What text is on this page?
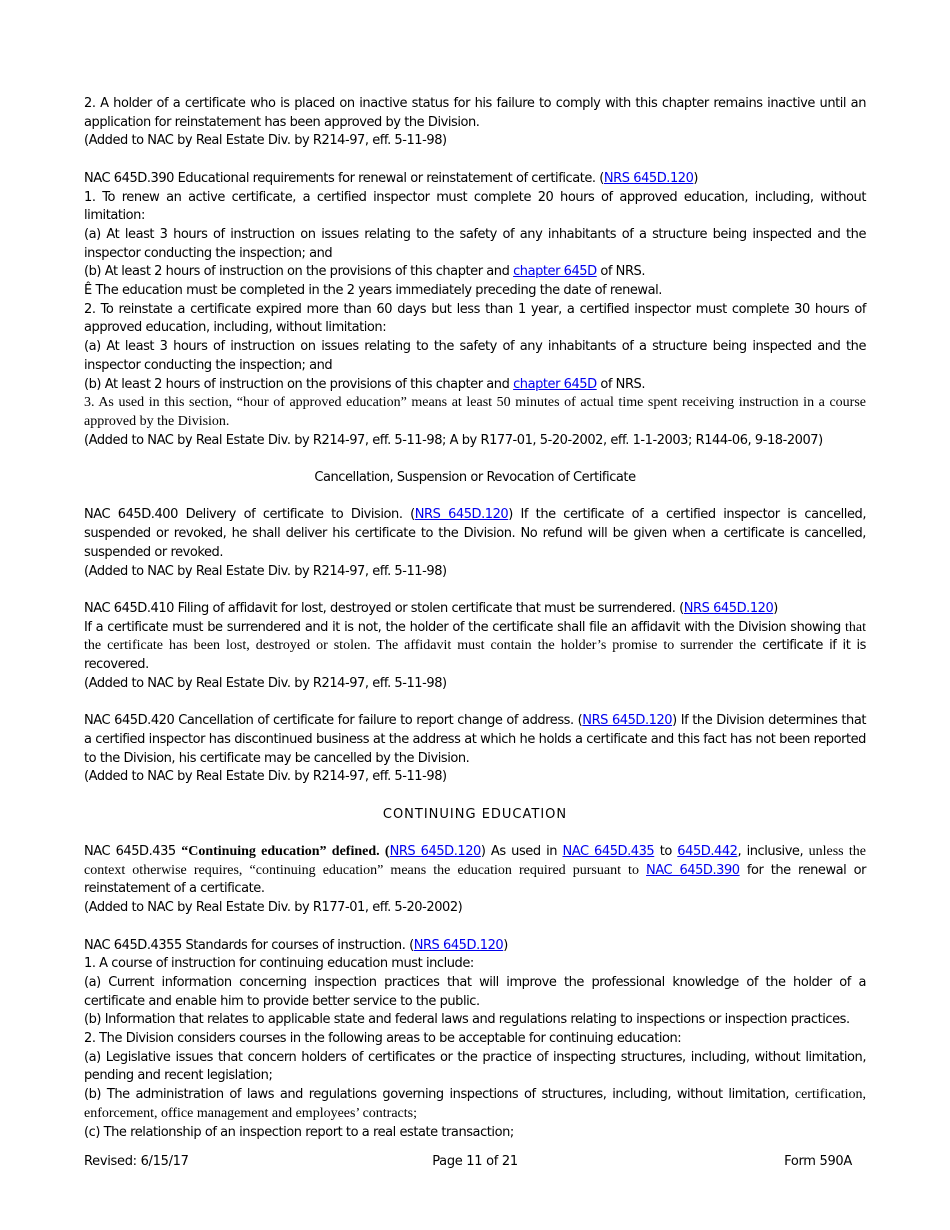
2. A holder of a certificate who is placed on inactive status for his failure to comply with this chapter remains inactive until an application for reinstatement has been approved by the Division.

(Added to NAC by Real Estate Div. by R214-97, eff. 5-11-98)

NAC 645D.390 Educational requirements for renewal or reinstatement of certificate. (NRS 645D.120)

1. To renew an active certificate, a certified inspector must complete 20 hours of approved education, including, without limitation:

(a) At least 3 hours of instruction on issues relating to the safety of any inhabitants of a structure being inspected and the inspector conducting the inspection; and

(b) At least 2 hours of instruction on the provisions of this chapter and chapter 645D of NRS.

Ê The education must be completed in the 2 years immediately preceding the date of renewal.

2. To reinstate a certificate expired more than 60 days but less than 1 year, a certified inspector must complete 30 hours of approved education, including, without limitation:

(a) At least 3 hours of instruction on issues relating to the safety of any inhabitants of a structure being inspected and the inspector conducting the inspection; and

(b) At least 2 hours of instruction on the provisions of this chapter and chapter 645D of NRS.

3. As used in this section, “hour of approved education” means at least 50 minutes of actual time spent receiving instruction in a course approved by the Division.

(Added to NAC by Real Estate Div. by R214-97, eff. 5-11-98; A by R177-01, 5-20-2002, eff. 1-1-2003; R144-06, 9-18-2007)

Cancellation, Suspension or Revocation of Certificate

NAC 645D.400 Delivery of certificate to Division. (NRS 645D.120) If the certificate of a certified inspector is cancelled, suspended or revoked, he shall deliver his certificate to the Division. No refund will be given when a certificate is cancelled, suspended or revoked.

(Added to NAC by Real Estate Div. by R214-97, eff. 5-11-98)

NAC 645D.410 Filing of affidavit for lost, destroyed or stolen certificate that must be surrendered. (NRS 645D.120)

If a certificate must be surrendered and it is not, the holder of the certificate shall file an affidavit with the Division showing that the certificate has been lost, destroyed or stolen. The affidavit must contain the holder’s promise to surrender the certificate if it is recovered.

(Added to NAC by Real Estate Div. by R214-97, eff. 5-11-98)

NAC 645D.420 Cancellation of certificate for failure to report change of address. (NRS 645D.120) If the Division determines that a certified inspector has discontinued business at the address at which he holds a certificate and this fact has not been reported to the Division, his certificate may be cancelled by the Division.

(Added to NAC by Real Estate Div. by R214-97, eff. 5-11-98)

CONTINUING EDUCATION

NAC 645D.435 “Continuing education” defined. (NRS 645D.120) As used in NAC 645D.435 to 645D.442, inclusive, unless the context otherwise requires, “continuing education” means the education required pursuant to NAC 645D.390 for the renewal or reinstatement of a certificate.

(Added to NAC by Real Estate Div. by R177-01, eff. 5-20-2002)

NAC 645D.4355 Standards for courses of instruction. (NRS 645D.120)

1. A course of instruction for continuing education must include:

(a) Current information concerning inspection practices that will improve the professional knowledge of the holder of a certificate and enable him to provide better service to the public.

(b) Information that relates to applicable state and federal laws and regulations relating to inspections or inspection practices.

2. The Division considers courses in the following areas to be acceptable for continuing education:

(a) Legislative issues that concern holders of certificates or the practice of inspecting structures, including, without limitation, pending and recent legislation;

(b) The administration of laws and regulations governing inspections of structures, including, without limitation, certification, enforcement, office management and employees’ contracts;

(c) The relationship of an inspection report to a real estate transaction;

Revised: 6/15/17	Page 11 of 21	Form 590A
